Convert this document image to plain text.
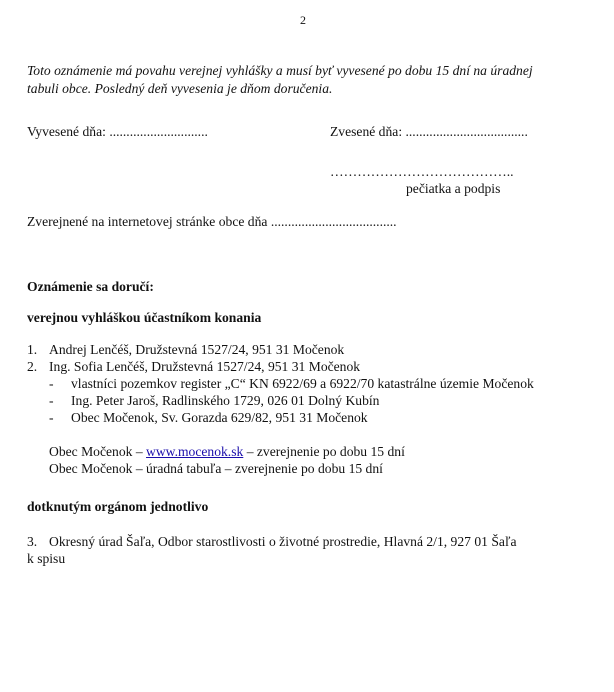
2
Toto oznámenie má povahu verejnej vyhlášky a musí byť vyvesené po dobu 15 dní na úradnej
tabuli obce. Posledný deň vyvesenia je dňom doručenia.
Vyvesené dňa: .............................	Zvesené dňa: ....................................
…………………………………..
pečiatka a podpis
Zverejnené na internetovej stránke obce dňa .....................................
Oznámenie sa doručí:
verejnou vyhláškou účastníkom konania
1. Andrej Lenčéš, Družstevná 1527/24, 951 31 Močenok
2. Ing. Sofia Lenčéš, Družstevná 1527/24, 951 31 Močenok
- vlastníci pozemkov register „C“ KN 6922/69 a 6922/70 katastrálne územie Močenok
- Ing. Peter Jaroš, Radlinského 1729, 026 01 Dolný Kubín
- Obec Močenok, Sv. Gorazda 629/82, 951 31 Močenok
Obec Močenok – www.mocenok.sk – zverejnenie po dobu 15 dní
Obec Močenok – úradná tabuľa – zverejnenie po dobu 15 dní
dotknutým orgánom jednotlivo
3. Okresný úrad Šaľa, Odbor starostlivosti o životné prostredie, Hlavná 2/1, 927 01 Šaľa
k spisu
